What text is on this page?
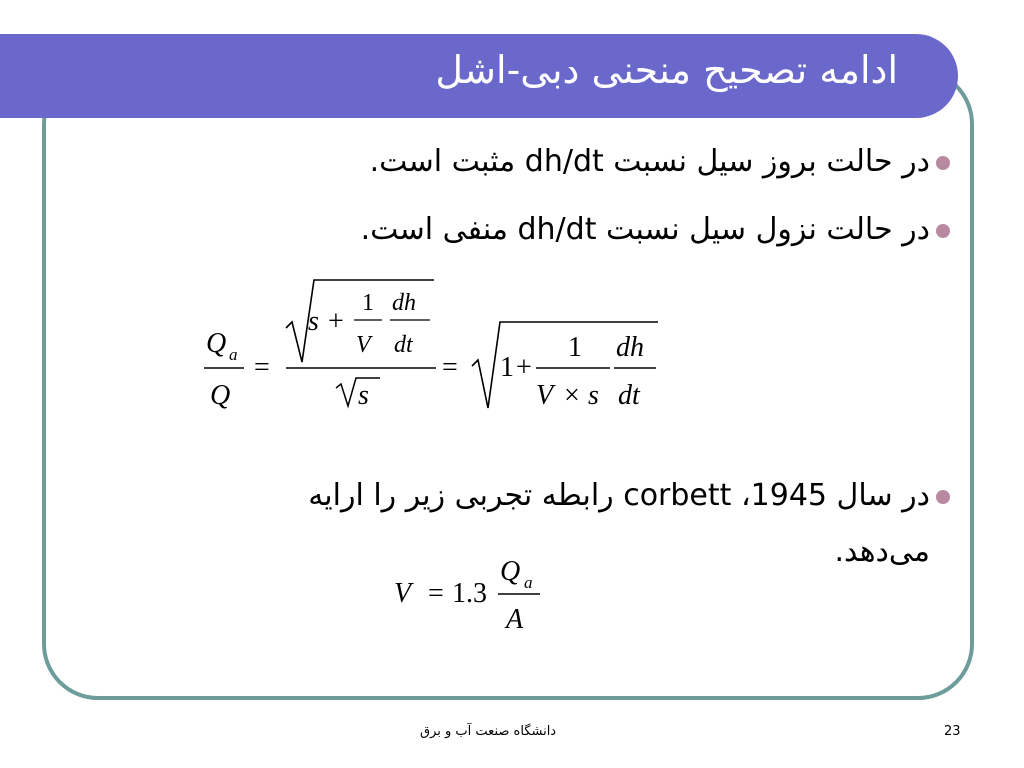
ادامه تصحیح منحنی دبی-اشل
در حالت بروز سیل نسبت dh/dt مثبت است.
در حالت نزول سیل نسبت dh/dt منفی است.
Q a
Q
=
s +
1
V
dh
dt
s
= 1 +
1
V × s
dh
dt
در سال 1945، corbett رابطه تجربی زیر را ارایه
می‌دهد.
V = 1.3
Q a
A
دانشگاه صنعت آب و برق	23
